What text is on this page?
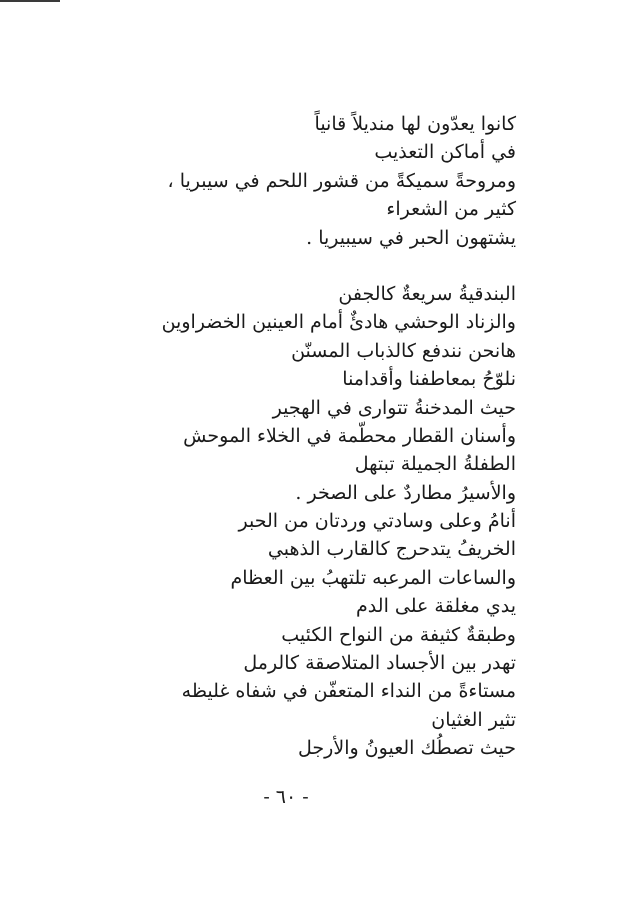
كانوا يعدّون لها منديلاً قانياً
في أماكن التعذيب
ومروحةً سميكةً من قشور اللحم في سيبريا ،
كثير من الشعراء
يشتهون الحبر في سيبيريا .
البندقيةُ سريعةٌ كالجفن
والزناد الوحشي هادئٌ أمام العينين الخضراوين
هانحن نندفع كالذباب المسنّن
نلوّحُ بمعاطفنا وأقدامنا
حيث المدخنةُ تتوارى في الهجير
وأسنان القطار محطّمة في الخلاء الموحش
الطفلةُ الجميلة تبتهل
والأسيرُ مطاردٌ على الصخر .
أنامُ وعلى وسادتي وردتان من الحبر
الخريفُ يتدحرج كالقارب الذهبي
والساعات المرعبه تلتهبُ بين العظام
يدي مغلقة على الدم
وطبقةٌ كثيفة من النواح الكئيب
تهدر بين الأجساد المتلاصقة كالرمل
مستاءةً من النداء المتعفّن في شفاه غليظه
تثير الغثيان
حيث تصطُك العيونُ والأرجل
- ٦٠ -
